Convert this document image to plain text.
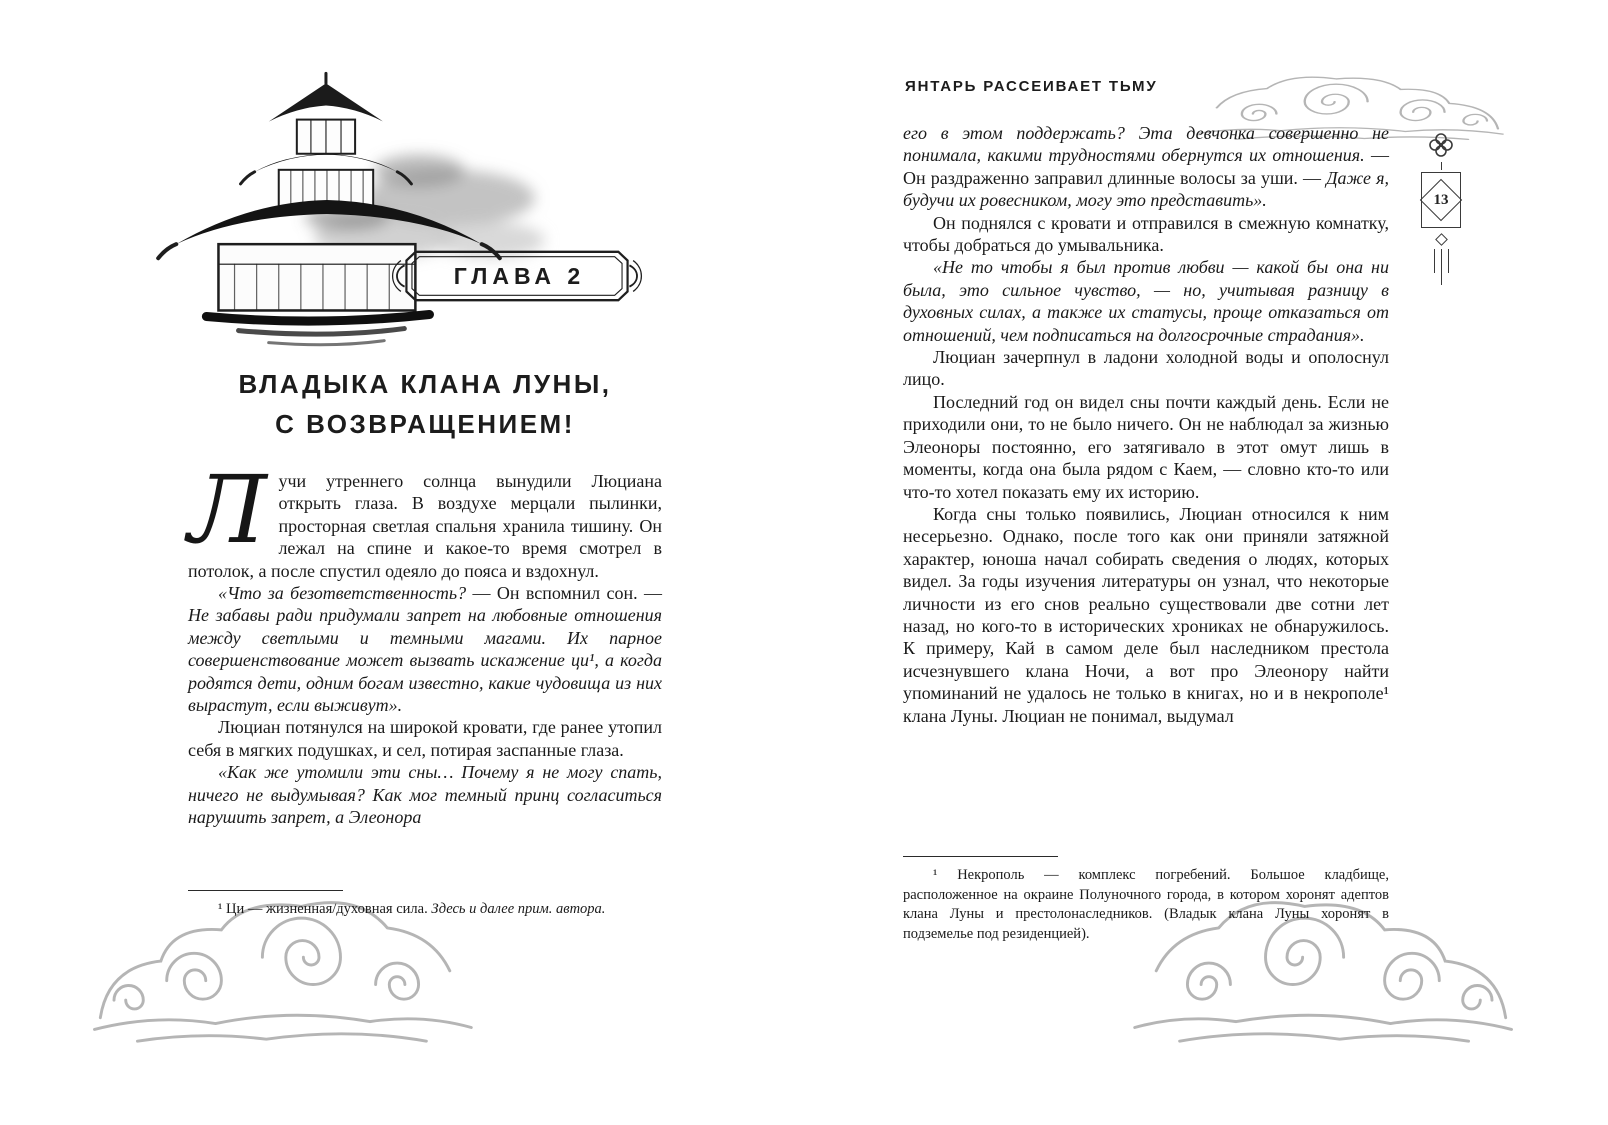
ГЛАВА 2
ВЛАДЫКА КЛАНА ЛУНЫ,
С ВОЗВРАЩЕНИЕМ!

Лучи утреннего солнца вынудили Люциана открыть глаза. В воздухе мерцали пылинки, просторная светлая спальня хранила тишину. Он лежал на спине и какое-то время смотрел в потолок, а после спустил одеяло до пояса и вздохнул.

«Что за безответственность? — Он вспомнил сон. — Не забавы ради придумали запрет на любовные отношения между светлыми и темными магами. Их парное совершенствование может вызвать искажение ци¹, а когда родятся дети, одним богам известно, какие чудовища из них вырастут, если выживут».

Люциан потянулся на широкой кровати, где ранее утопил себя в мягких подушках, и сел, потирая заспанные глаза.

«Как же утомили эти сны… Почему я не могу спать, ничего не выдумывая? Как мог темный принц согласиться нарушить запрет, а Элеонора

¹ Ци — жизненная/духовная сила. Здесь и далее прим. автора.

ЯНТАРЬ РАССЕИВАЕТ ТЬМУ
13

его в этом поддержать? Эта девчонка совершенно не понимала, какими трудностями обернутся их отношения. — Он раздраженно заправил длинные волосы за уши. — Даже я, будучи их ровесником, могу это представить».

Он поднялся с кровати и отправился в смежную комнатку, чтобы добраться до умывальника.

«Не то чтобы я был против любви — какой бы она ни была, это сильное чувство, — но, учитывая разницу в духовных силах, а также их статусы, проще отказаться от отношений, чем подписаться на долгосрочные страдания».

Люциан зачерпнул в ладони холодной воды и ополоснул лицо.

Последний год он видел сны почти каждый день. Если не приходили они, то не было ничего. Он не наблюдал за жизнью Элеоноры постоянно, его затягивало в этот омут лишь в моменты, когда она была рядом с Каем, — словно кто-то или что-то хотел показать ему их историю.

Когда сны только появились, Люциан относился к ним несерьезно. Однако, после того как они приняли затяжной характер, юноша начал собирать сведения о людях, которых видел. За годы изучения литературы он узнал, что некоторые личности из его снов реально существовали две сотни лет назад, но кого-то в исторических хрониках не обнаружилось. К примеру, Кай в самом деле был наследником престола исчезнувшего клана Ночи, а вот про Элеонору найти упоминаний не удалось не только в книгах, но и в некрополе¹ клана Луны. Люциан не понимал, выдумал

¹ Некрополь — комплекс погребений. Большое кладбище, расположенное на окраине Полуночного города, в котором хоронят адептов клана Луны и престолонаследников. (Владык клана Луны хоронят в подземелье под резиденцией).
